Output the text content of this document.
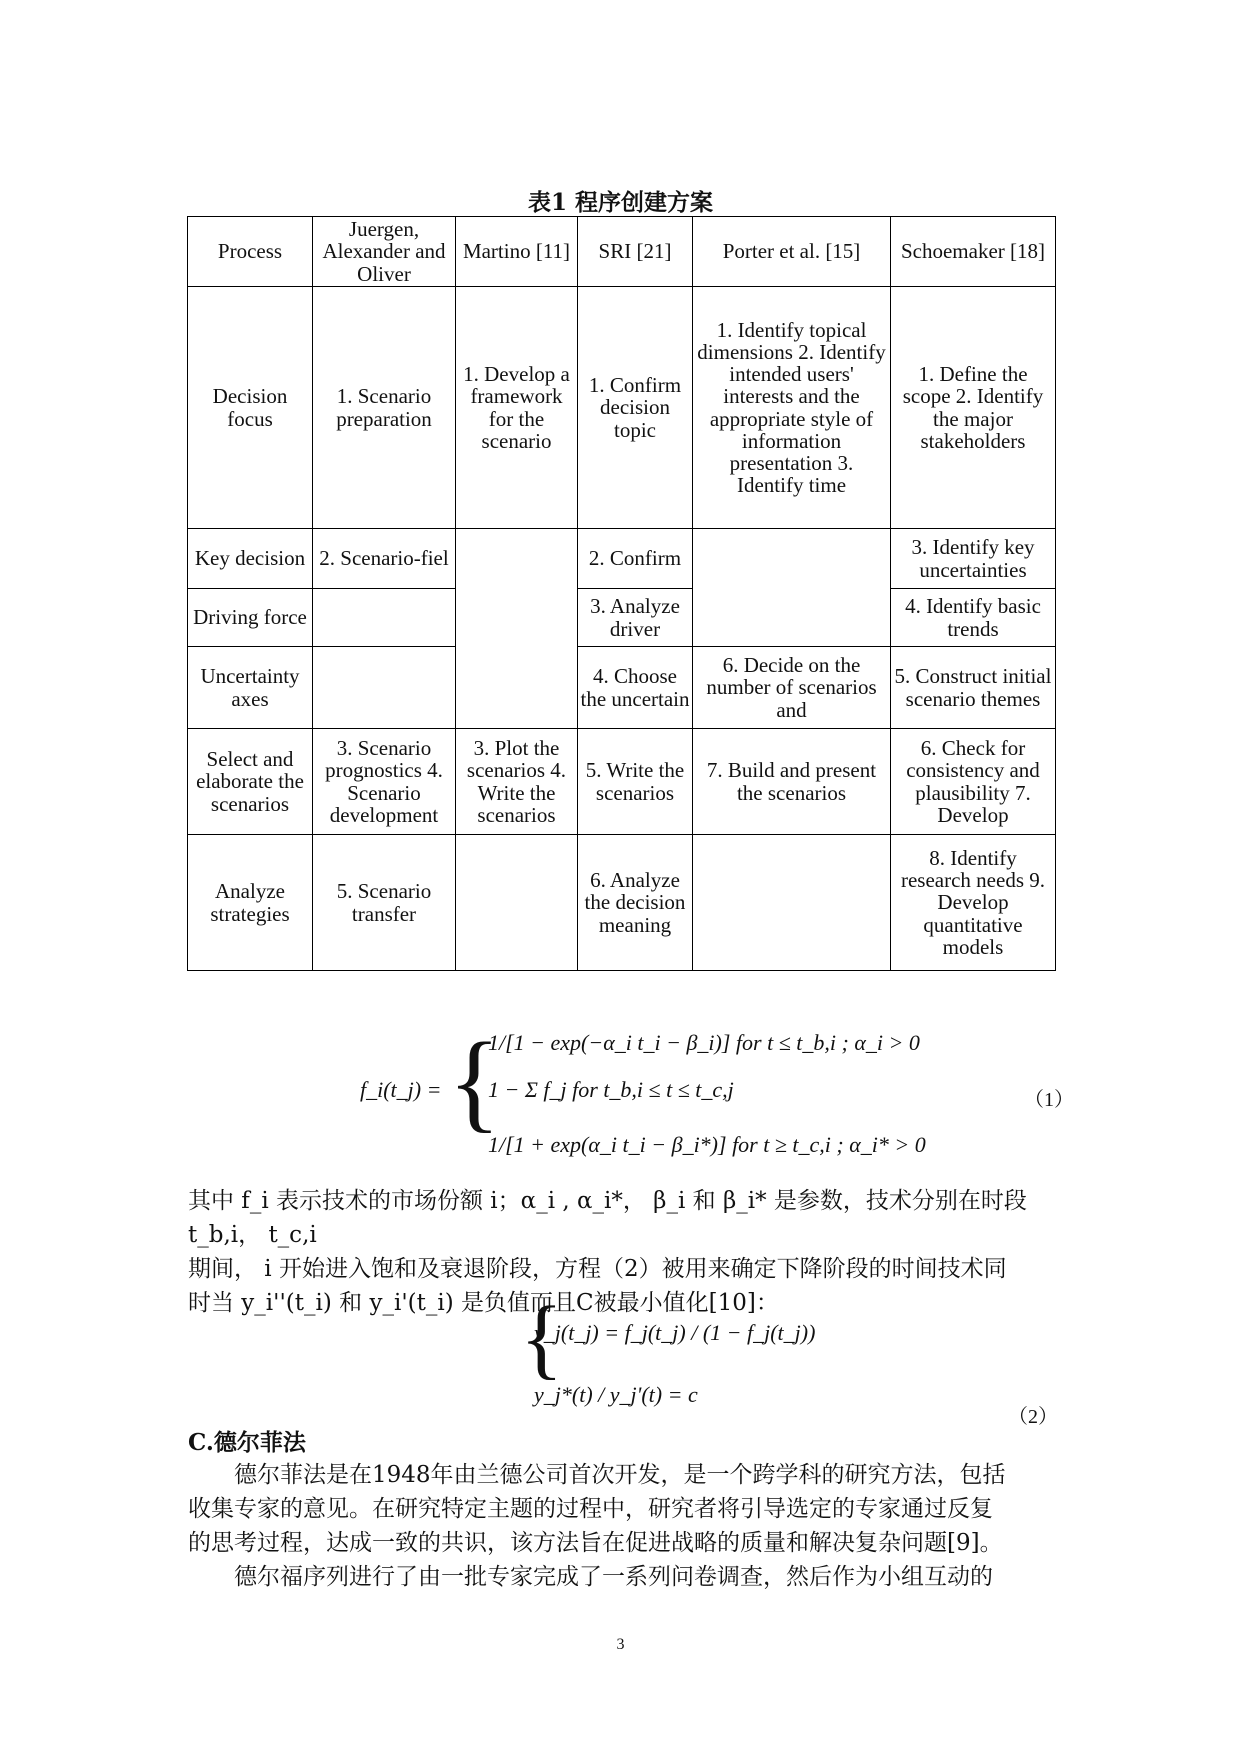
表1 程序创建方案
Process	Juergen, Alexander and Oliver	Martino [11]	SRI [21]	Porter et al. [15]	Schoemaker [18]
Decision focus	1. Scenario preparation	1. Develop a framework for the scenario	1. Confirm decision topic	1. Identify topical dimensions 2. Identify intended users' interests and the appropriate style of information presentation 3. Identify time	1. Define the scope 2. Identify the major stakeholders
Key decision	2. Scenario-fiel		2. Confirm		3. Identify key uncertainties
Driving force			3. Analyze driver		4. Identify basic trends
Uncertainty axes			4. Choose the uncertain	6. Decide on the number of scenarios and	5. Construct initial scenario themes
Select and elaborate the scenarios	3. Scenario prognostics 4. Scenario development	3. Plot the scenarios 4. Write the scenarios	5. Write the scenarios	7. Build and present the scenarios	6. Check for consistency and plausibility 7. Develop
Analyze strategies	5. Scenario transfer		6. Analyze the decision meaning		8. Identify research needs 9. Develop quantitative models
f_i(t_j) = {
1/[1 − exp(−α_i t_i − β_i)] for t ≤ t_b,i ; α_i > 0
1 − Σ f_j for t_b,i ≤ t ≤ t_c,j
1/[1 + exp(α_i t_i − β_i*)] for t ≥ t_c,i ; α_i* > 0
（1）
其中 f_i 表示技术的市场份额 i；α_i , α_i*， β_i 和 β_i* 是参数，技术分别在时段 t_b,i， t_c,i
期间， i 开始进入饱和及衰退阶段，方程（2）被用来确定下降阶段的时间技术同
时当 y_i''(t_i) 和 y_i'(t_i) 是负值而且C被最小值化[10]：
{
y_j(t_j) = f_j(t_j) / (1 − f_j(t_j))
y_j*(t) / y_j'(t) = c
（2）
C.德尔菲法
德尔菲法是在1948年由兰德公司首次开发，是一个跨学科的研究方法，包括
收集专家的意见。在研究特定主题的过程中，研究者将引导选定的专家通过反复
的思考过程，达成一致的共识，该方法旨在促进战略的质量和解决复杂问题[9]。
德尔福序列进行了由一批专家完成了一系列问卷调查，然后作为小组互动的
3
